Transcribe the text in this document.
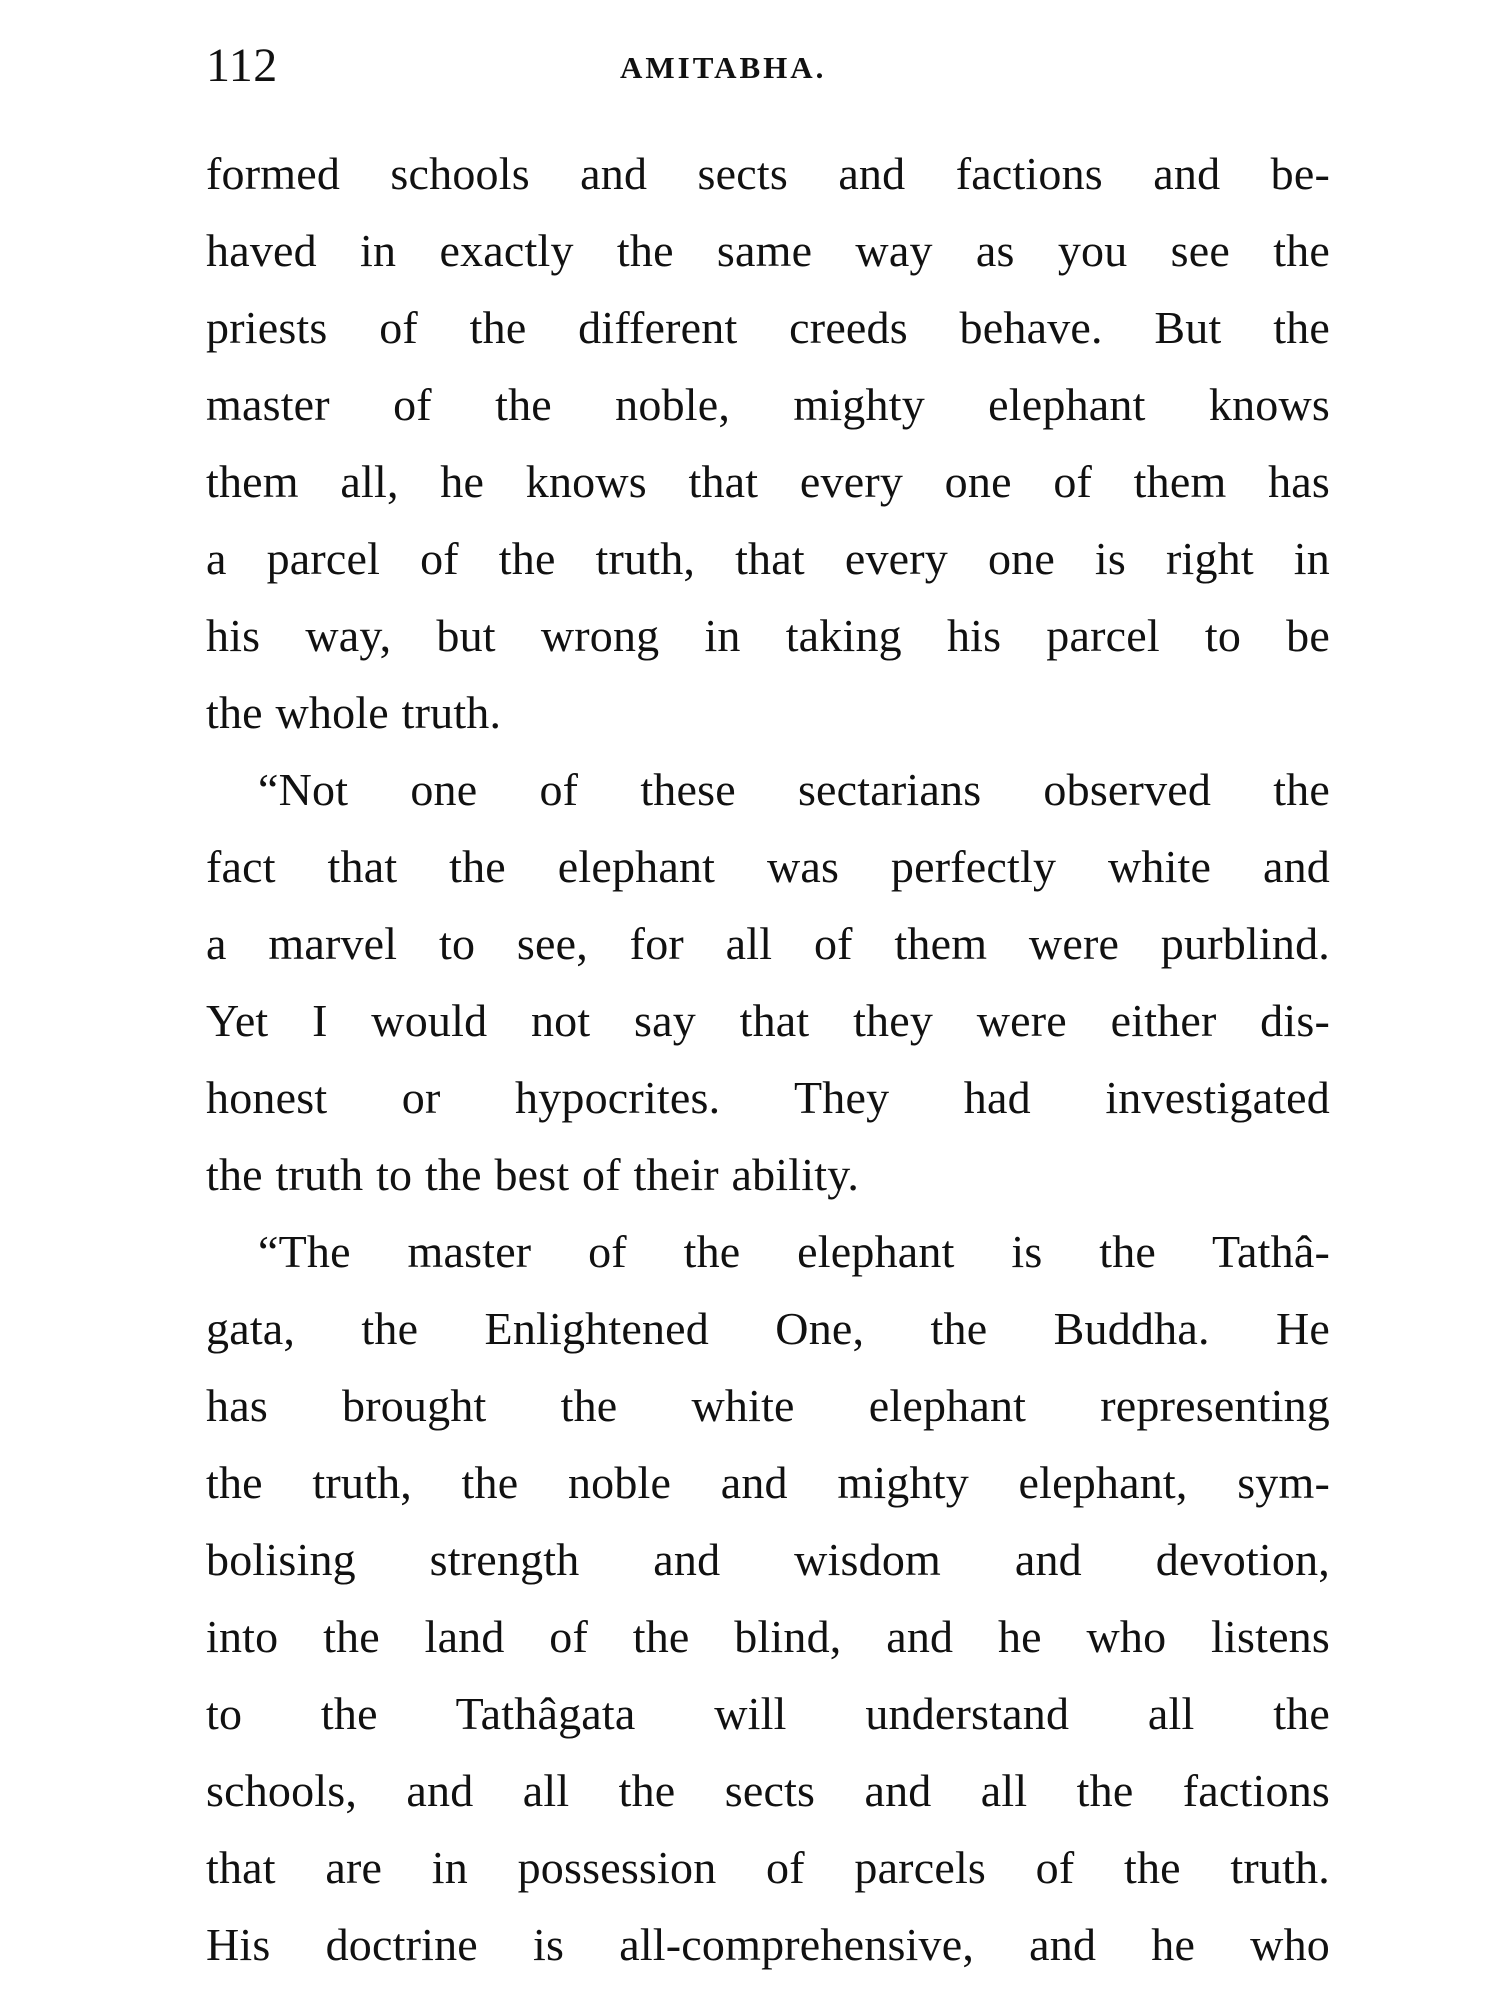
112	AMITABHA.
formed schools and sects and factions and be-
haved in exactly the same way as you see the
priests of the different creeds behave. But the
master of the noble, mighty elephant knows
them all, he knows that every one of them has
a parcel of the truth, that every one is right in
his way, but wrong in taking his parcel to be
the whole truth.
“Not one of these sectarians observed the
fact that the elephant was perfectly white and
a marvel to see, for all of them were purblind.
Yet I would not say that they were either dis-
honest or hypocrites. They had investigated
the truth to the best of their ability.
“The master of the elephant is the Tathâ-
gata, the Enlightened One, the Buddha. He
has brought the white elephant representing
the truth, the noble and mighty elephant, sym-
bolising strength and wisdom and devotion,
into the land of the blind, and he who listens
to the Tathâgata will understand all the
schools, and all the sects and all the factions
that are in possession of parcels of the truth.
His doctrine is all-comprehensive, and he who
